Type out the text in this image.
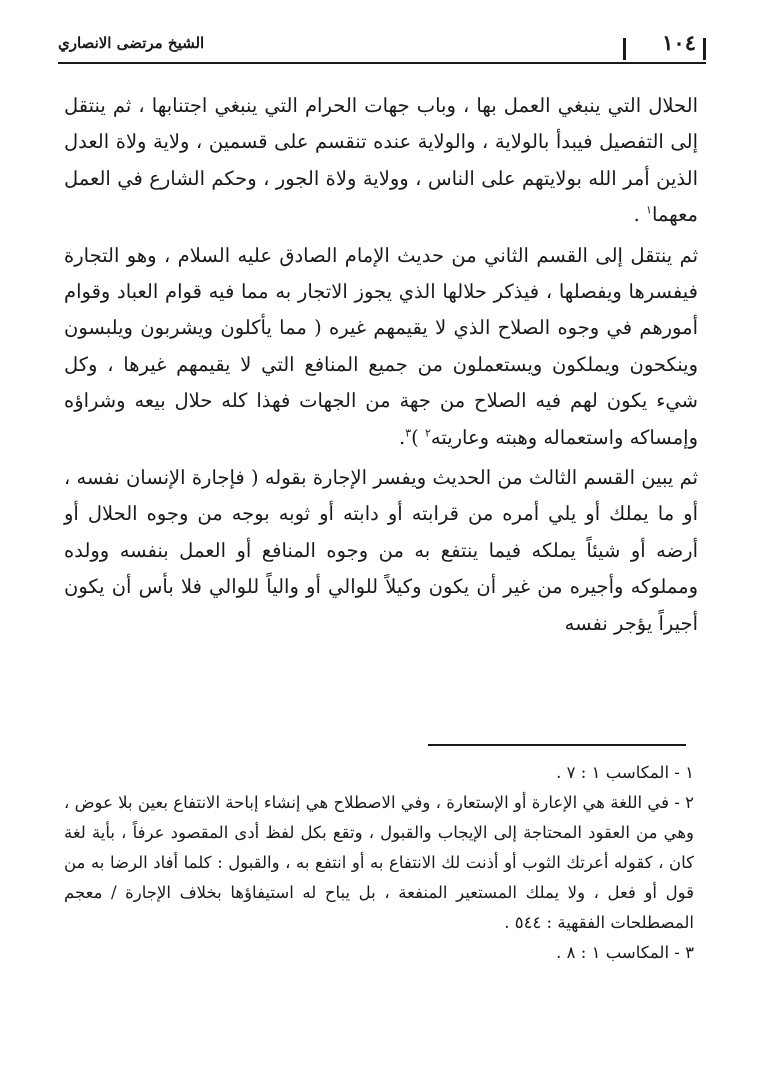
١٠٤
الشيخ مرتضى الانصاري

الحلال التي ينبغي العمل بها ، وباب جهات الحرام التي ينبغي اجتنابها ، ثم ينتقل إلى التفصيل فيبدأ بالولاية ، والولاية عنده تنقسم على قسمين ، ولاية ولاة العدل الذين أمر الله بولايتهم على الناس ، وولاية ولاة الجور ، وحكم الشارع في العمل معهما$^١$ .

ثم ينتقل إلى القسم الثاني من حديث الإمام الصادق عليه السلام ، وهو التجارة فيفسرها ويفصلها ، فيذكر حلالها الذي يجوز الاتجار به مما فيه قوام العباد وقوام أمورهم في وجوه الصلاح الذي لا يقيمهم غيره ( مما يأكلون ويشربون ويلبسون وينكحون ويملكون ويستعملون من جميع المنافع التي لا يقيمهم غيرها ، وكل شيء يكون لهم فيه الصلاح من جهة من الجهات فهذا كله حلال بيعه وشراؤه وإمساكه واستعماله وهبته وعاريته$^٢$ )$^٣$.

ثم يبين القسم الثالث من الحديث ويفسر الإجارة بقوله ( فإجارة الإنسان نفسه ، أو ما يملك أو يلي أمره من قرابته أو دابته أو ثوبه بوجه من وجوه الحلال أو أرضه أو شيئاً يملكه فيما ينتفع به من وجوه المنافع أو العمل بنفسه وولده ومملوكه وأجيره من غير أن يكون وكيلاً للوالي أو والياً للوالي فلا بأس أن يكون أجيراً يؤجر نفسه

١ - المكاسب ١ : ٧ .

٢ - في اللغة هي الإعارة أو الإستعارة ، وفي الاصطلاح هي إنشاء إباحة الانتفاع بعين بلا عوض ، وهي من العقود المحتاجة إلى الإيجاب والقبول ، وتقع بكل لفظ أدى المقصود عرفاً ، بأية لغة كان ، كقوله أعرتك الثوب أو أذنت لك الانتفاع به أو انتفع به ، والقبول : كلما أفاد الرضا به من قول أو فعل ، ولا يملك المستعير المنفعة ، بل يباح له استيفاؤها بخلاف الإجارة / معجم المصطلحات الفقهية : ٥٤٤ .

٣ - المكاسب ١ : ٨ .
